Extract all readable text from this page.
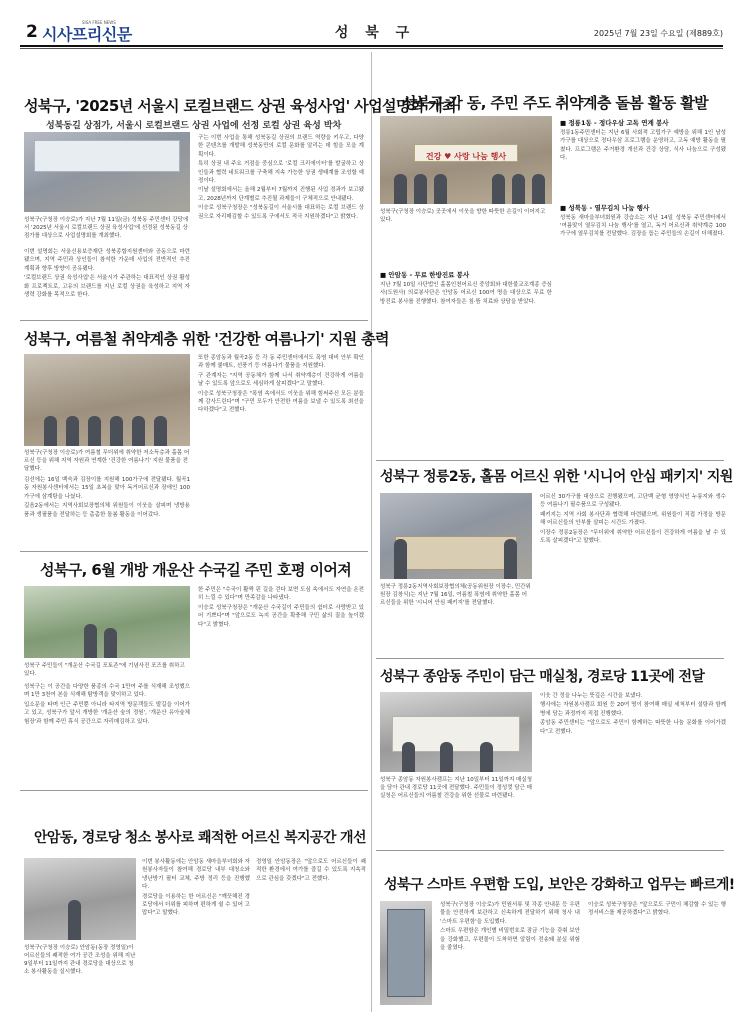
2 시사프리신문
SISA FREE NEWS
성 북 구	2025년 7월 23일 수요일 (제889호)
성북구, '2025년 서울시 로컬브랜드 상권 육성사업' 사업설명회 개최
성북동길 상점가, 서울시 로컬브랜드 상권 사업에 선정 로컬 상권 육성 박차
성북구(구청장 이승로)가 지난 7월 11일(금) 성북동 주민센터 강당에서 '2025년 서울시 로컬브랜드 상권 육성사업'에 선정된 성북동길 상점가를 대상으로 사업설명회를 개최했다.

이번 설명회는 서울신용보증재단 성북종합지원센터와 공동으로 마련됐으며, 지역 주민과 상인들이 참석한 가운데 사업의 전반적인 추진 계획과 향후 방향이 공유됐다.

'로컬브랜드 상권 육성사업'은 서울시가 주관하는 대표적인 상권 활성화 프로젝트로, 고유의 브랜드를 지닌 로컬 상권을 육성하고 지역 자생력 강화를 목적으로 한다.

구는 이번 사업을 통해 성북동길 상권의 브랜드 역량을 키우고, 다양한 콘텐츠를 개발해 성북동만의 로컬 문화를 알리는 데 힘을 모을 계획이다.

특히 상권 내 주요 거점을 중심으로 '로컬 크리에이터'를 발굴하고 상인들과 협력 네트워크를 구축해 지속 가능한 상권 생태계를 조성할 예정이다.

이날 설명회에서는 올해 2월부터 7월까지 진행된 사업 경과가 보고됐고, 2028년까지 단계별로 추진될 과제들이 구체적으로 안내됐다.

이승로 성북구청장은 "성북동길이 서울시를 대표하는 로컬 브랜드 상권으로 자리매김할 수 있도록 구에서도 적극 지원하겠다"고 밝혔다.

성북구, 여름철 취약계층 위한 '건강한 여름나기' 지원 총력
성북구(구청장 이승로)가 여름철 무더위에 취약한 저소득층과 홀몸 어르신 등을 위해 지역 자원과 연계한 '건강한 여름나기' 지원 물품을 전달했다.

김선에는 16일 백숙과 김장이를 지원해 100가구에 전달됐다. 월곡1동 자원봉사센터에서는 15일 초복을 맞아 독거어르신과 장애인 100가구에 삼계탕을 나눴다.

길음2동에서는 지역사회보장협의체 위원들이 이웃을 살피며 냉방용품과 생필품을 전달하는 등 촘촘한 돌봄 활동을 이어갔다.

또한 종암동과 월곡2동 등 각 동 주민센터에서도 폭염 대비 안부 확인과 함께 쿨매트, 선풍기 등 여름나기 물품을 지원했다.

구 관계자는 "지역 공동체가 함께 나서 취약계층이 건강하게 여름을 날 수 있도록 앞으로도 세심하게 살피겠다"고 말했다.

이승로 성북구청장은 "폭염 속에서도 이웃을 위해 힘써주신 모든 분들께 감사드린다"며 "구민 모두가 안전한 여름을 보낼 수 있도록 최선을 다하겠다"고 전했다.

성북구, 6월 개방 개운산 수국길 주민 호평 이어져
성북구 주민들이 "개운산 수국길 포토존"에 기념사진 포즈를 취하고 있다.

성북구는 이 공간을 다양한 품종의 수국 1만여 주를 식재해 조성했으며 1만 3천여 본을 식재해 탐방객을 맞이하고 있다.

입소문을 타며 인근 주민뿐 아니라 타지역 방문객들도 발길을 이어가고 있고, 성북구가 앞서 개방한 '개운산 숲의 정원', '개운산 유아숲체험장'과 함께 주민 휴식 공간으로 자리매김하고 있다.

한 주민은 "수국이 활짝 핀 길을 걷다 보면 도심 속에서도 자연을 온전히 느낄 수 있다"며 만족감을 나타냈다.

이승로 성북구청장은 "개운산 수국길이 주민들의 쉼터로 사랑받고 있어 기쁘다"며 "앞으로도 녹지 공간을 확충해 구민 삶의 질을 높이겠다"고 밝혔다.

안암동, 경로당 청소 봉사로 쾌적한 어르신 복지공간 개선
성북구(구청장 이승로) 안암동(동장 정영일)이 어르신들의 쾌적한 여가 공간 조성을 위해 지난 9일부터 11일까지 관내 경로당을 대상으로 청소 봉사활동을 실시했다.

이번 봉사활동에는 안암동 새마을부녀회와 자원봉사자들이 참여해 경로당 내부 대청소와 냉난방기 필터 교체, 주방 정리 등을 진행했다.

경로당을 이용하는 한 어르신은 "깨끗해진 경로당에서 더위를 피하며 편하게 쉴 수 있어 고맙다"고 말했다.

정영일 안암동장은 "앞으로도 어르신들이 쾌적한 환경에서 여가를 즐길 수 있도록 지속적으로 관심을 갖겠다"고 전했다.

성북구 각 동, 주민 주도 취약계층 돌봄 활동 활발
건강 ♥ 사랑 나눔 행사
성북구(구청장 이승로) 곳곳에서 이웃을 향한 따뜻한 손길이 이어지고 있다.
■ 안암동 - 무료 한방진료 봉사

지난 7월 10일 사단법인 홀몸인천어르신 중앙회와 대한불교조계종 증심사(도원사) 의료봉사단은 안암동 어르신 100여 명을 대상으로 무료 한방진료 봉사를 진행했다. 참여자들은 침·뜸 치료와 상담을 받았다.

■ 정릉1동 - 정다우삼 고독 연계 봉사

정릉1동주민센터는 지난 6월 사회적 고립가구 예방을 위해 1인 남성가구를 대상으로 정다우삼 프로그램을 운영하고, 고독 예방 활동을 펼쳤다. 프로그램은 주거환경 개선과 건강 상담, 식사 나눔으로 구성됐다.

■ 성북동 - 열무김치 나눔 행사

성북동 새마을부녀회원과 강습소는 지난 14일 성북동 주민센터에서 '여름맞이 열무김치 나눔 행사'를 열고, 독거 어르신과 취약계층 100가구에 열무김치를 전달했다. 김장을 돕는 주민들의 손길이 더해졌다.

성북구 정릉2동, 홀몸 어르신 위한 '시니어 안심 패키지' 지원
성북구 정릉2동지역사회보장협의체(공동위원장 이장수, 민간위원장 김창식)는 지난 7월 16일, 여름철 폭염에 취약한 홀몸 어르신들을 위한 '시니어 안심 패키지'를 전달했다.

어르신 30가구를 대상으로 진행됐으며, 고단백 균형 영양식인 누룽지와 생수 등 여름나기 필수품으로 구성됐다.

패키지는 지역 사회 봉사단과 협력해 마련됐으며, 위원들이 직접 가정을 방문해 어르신들의 안부를 살피는 시간도 가졌다.

이장수 정릉2동장은 "무더위에 취약한 어르신들이 건강하게 여름을 날 수 있도록 살피겠다"고 말했다.

성북구 종암동 주민이 담근 매실청, 경로당 11곳에 전달
성북구 종암동 자원봉사캠프는 지난 10일부터 11일까지 매실청을 담아 관내 경로당 11곳에 전달했다. 주민들이 정성껏 담근 매실청은 어르신들의 여름철 건강을 위한 선물로 마련됐다.

이웃 간 정을 나누는 뜻깊은 시간을 보냈다.

행사에는 자원봉사캠프 회원 등 20여 명이 참여해 매실 세척부터 설탕과 함께 병에 담는 과정까지 직접 진행했다.

종암동 주민센터는 "앞으로도 주민이 함께하는 따뜻한 나눔 문화를 이어가겠다"고 전했다.

성북구 스마트 우편함 도입, 보안은 강화하고 업무는 빠르게!

성북구(구청장 이승로)가 민원서류 및 각종 안내문 등 우편물을 안전하게 보관하고 신속하게 전달하기 위해 청사 내 '스마트 우편함'을 도입했다.

스마트 우편함은 개인별 비밀번호로 잠금 기능을 갖춰 보안을 강화했고, 우편물이 도착하면 알림이 전송돼 분실 위험을 줄였다.

이승로 성북구청장은 "앞으로도 구민이 체감할 수 있는 행정서비스를 제공하겠다"고 밝혔다.
